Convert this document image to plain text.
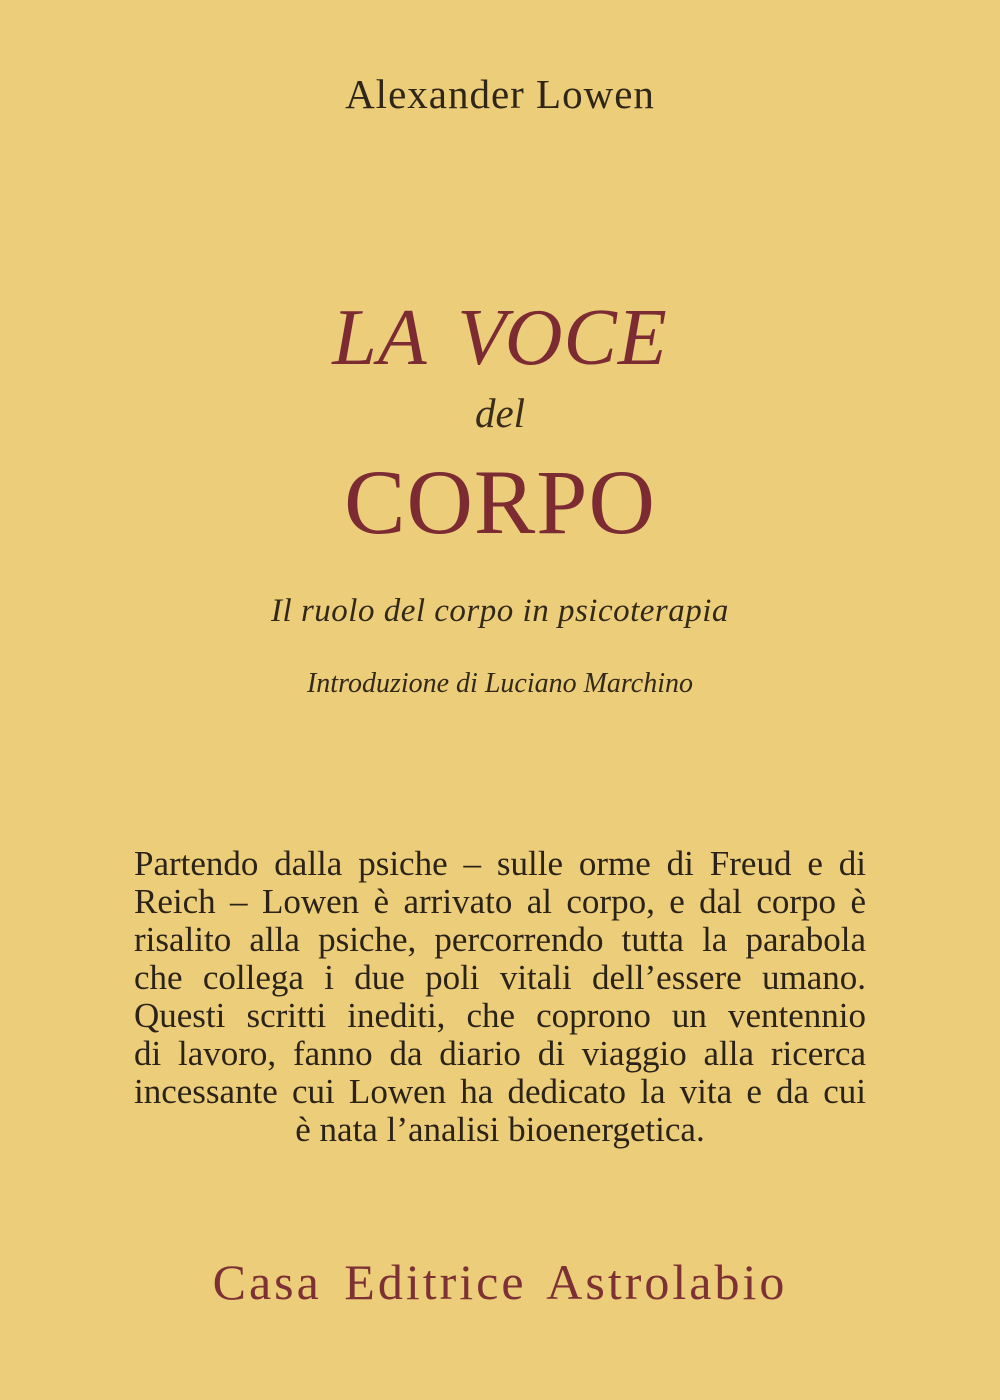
Alexander Lowen
LA VOCE
del
CORPO
Il ruolo del corpo in psicoterapia
Introduzione di Luciano Marchino
Partendo dalla psiche – sulle orme di Freud e di
Reich – Lowen è arrivato al corpo, e dal corpo è
risalito alla psiche, percorrendo tutta la parabola
che collega i due poli vitali dell’essere umano.
Questi scritti inediti, che coprono un ventennio
di lavoro, fanno da diario di viaggio alla ricerca
incessante cui Lowen ha dedicato la vita e da cui
è nata l’analisi bioenergetica.
Casa Editrice Astrolabio
